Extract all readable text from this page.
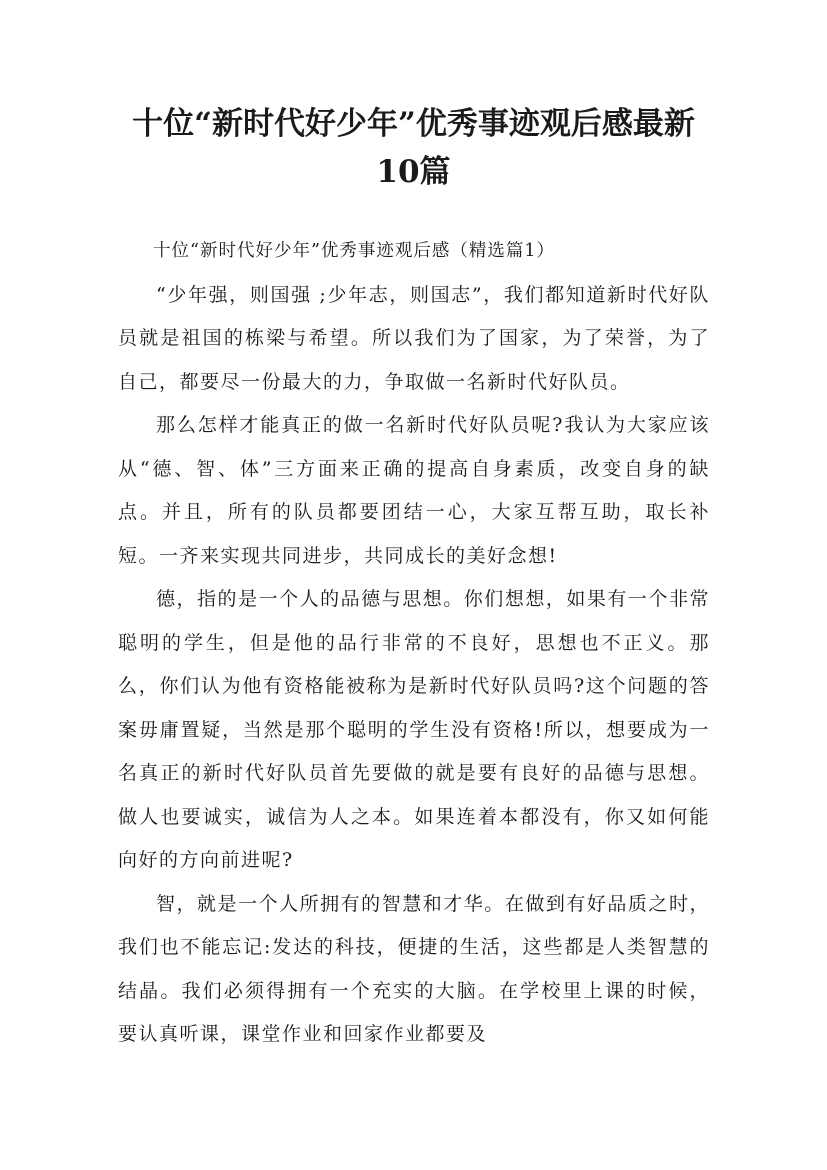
十位“新时代好少年”优秀事迹观后感最新
10篇

十位“新时代好少年”优秀事迹观后感（精选篇1）

“少年强，则国强 ;少年志，则国志”，我们都知道新时代好队员就是祖国的栋梁与希望。所以我们为了国家，为了荣誉，为了自己，都要尽一份最大的力，争取做一名新时代好队员。

那么怎样才能真正的做一名新时代好队员呢?我认为大家应该从“德、智、体”三方面来正确的提高自身素质，改变自身的缺点。并且，所有的队员都要团结一心，大家互帮互助，取长补短。一齐来实现共同进步，共同成长的美好念想!

德，指的是一个人的品德与思想。你们想想，如果有一个非常聪明的学生，但是他的品行非常的不良好，思想也不正义。那么，你们认为他有资格能被称为是新时代好队员吗?这个问题的答案毋庸置疑，当然是那个聪明的学生没有资格!所以，想要成为一名真正的新时代好队员首先要做的就是要有良好的品德与思想。做人也要诚实，诚信为人之本。如果连着本都没有，你又如何能向好的方向前进呢?

智，就是一个人所拥有的智慧和才华。在做到有好品质之时，我们也不能忘记:发达的科技，便捷的生活，这些都是人类智慧的结晶。我们必须得拥有一个充实的大脑。在学校里上课的时候，要认真听课，课堂作业和回家作业都要及
